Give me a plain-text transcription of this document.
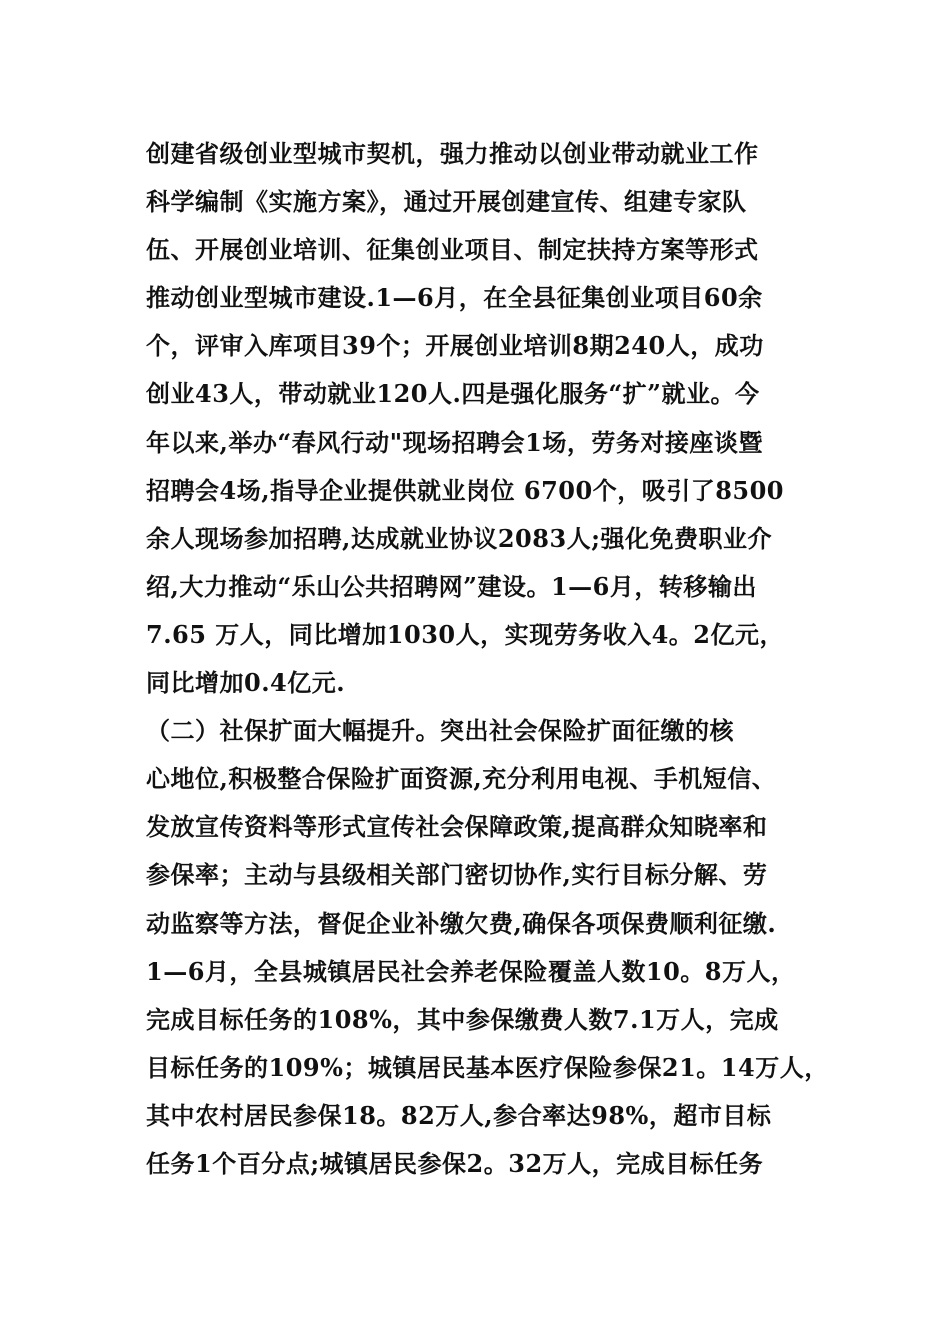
创建省级创业型城市契机，强力推动以创业带动就业工作
科学编制《实施方案》，通过开展创建宣传、组建专家队
伍、开展创业培训、征集创业项目、制定扶持方案等形式
推动创业型城市建设.1—6月，在全县征集创业项目60余
个，评审入库项目39个；开展创业培训8期240人，成功
创业43人，带动就业120人.四是强化服务“扩”就业。今
年以来,举办“春风行动"现场招聘会1场，劳务对接座谈暨
招聘会4场,指导企业提供就业岗位 6700个，吸引了8500
余人现场参加招聘,达成就业协议2083人;强化免费职业介
绍,大力推动“乐山公共招聘网”建设。1—6月，转移输出
7.65 万人，同比增加1030人，实现劳务收入4。2亿元，
同比增加0.4亿元.
（二）社保扩面大幅提升。突出社会保险扩面征缴的核
心地位,积极整合保险扩面资源,充分利用电视、手机短信、
发放宣传资料等形式宣传社会保障政策,提高群众知晓率和
参保率；主动与县级相关部门密切协作,实行目标分解、劳
动监察等方法，督促企业补缴欠费,确保各项保费顺利征缴.
1—6月，全县城镇居民社会养老保险覆盖人数10。8万人，
完成目标任务的108%，其中参保缴费人数7.1万人，完成
目标任务的109%；城镇居民基本医疗保险参保21。14万人，
其中农村居民参保18。82万人,参合率达98%，超市目标
任务1个百分点;城镇居民参保2。32万人，完成目标任务
